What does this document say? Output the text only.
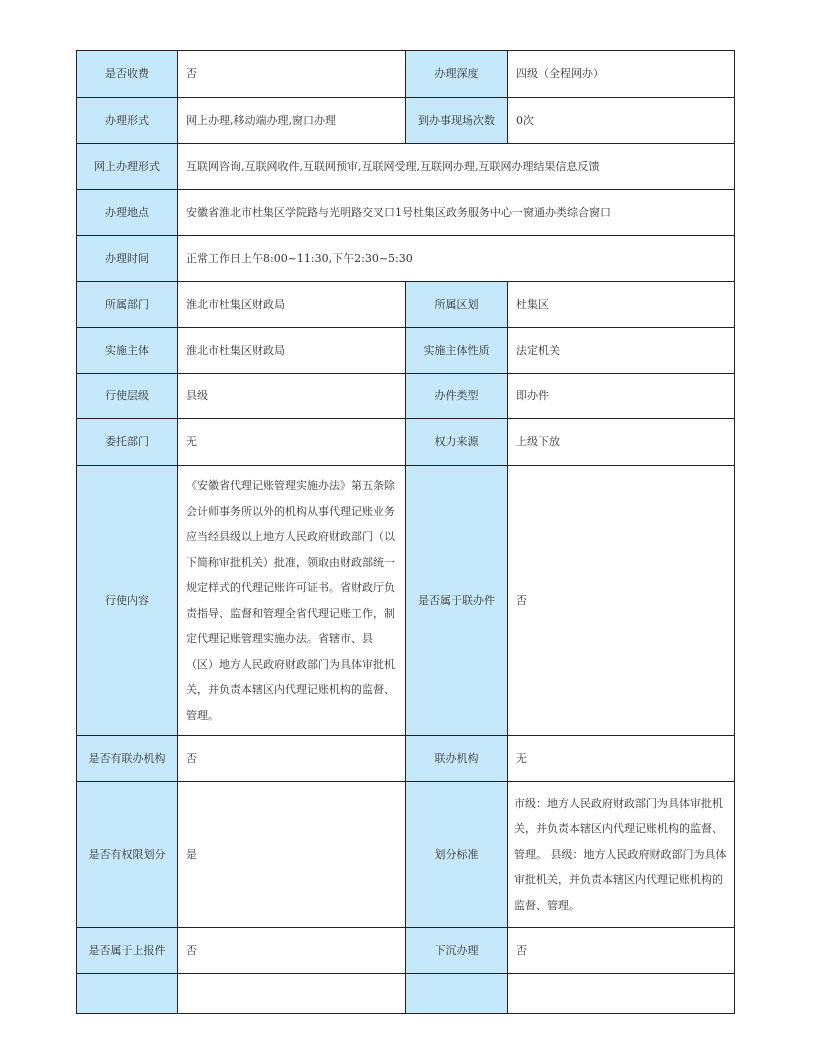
是否收费	否	办理深度	四级（全程网办）
办理形式	网上办理,移动端办理,窗口办理	到办事现场次数	0次
网上办理形式	互联网咨询,互联网收件,互联网预审,互联网受理,互联网办理,互联网办理结果信息反馈		
办理地点	安徽省淮北市杜集区学院路与光明路交叉口1号杜集区政务服务中心一窗通办类综合窗口		
办理时间	正常工作日上午8:00~11:30,下午2:30~5:30		
所属部门	淮北市杜集区财政局	所属区划	杜集区
实施主体	淮北市杜集区财政局	实施主体性质	法定机关
行使层级	县级	办件类型	即办件
委托部门	无	权力来源	上级下放
行使内容	《安徽省代理记账管理实施办法》第五条除会计师事务所以外的机构从事代理记账业务应当经县级以上地方人民政府财政部门（以下简称审批机关）批准，领取由财政部统一规定样式的代理记账许可证书。省财政厅负责指导、监督和管理全省代理记账工作，制定代理记账管理实施办法。省辖市、县（区）地方人民政府财政部门为具体审批机关，并负责本辖区内代理记账机构的监督、管理。	是否属于联办件	否
是否有联办机构	否	联办机构	无
是否有权限划分	是	划分标准	市级：地方人民政府财政部门为具体审批机关，并负责本辖区内代理记账机构的监督、管理。 县级：地方人民政府财政部门为具体审批机关，并负责本辖区内代理记账机构的监督、管理。
是否属于上报件	否	下沉办理	否
